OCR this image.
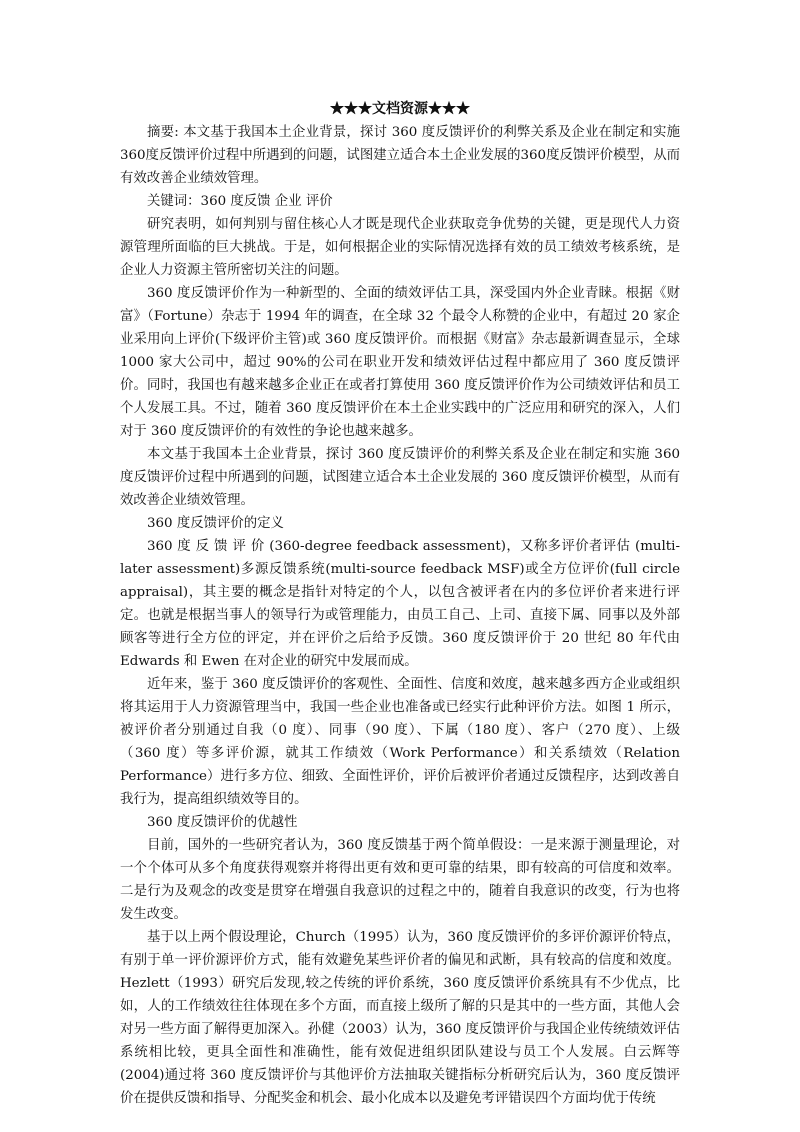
★★★文档资源★★★

摘要: 本文基于我国本土企业背景，探讨 360 度反馈评价的利弊关系及企业在制定和实施360度反馈评价过程中所遇到的问题，试图建立适合本土企业发展的360度反馈评价模型，从而有效改善企业绩效管理。

关键词：360 度反馈 企业 评价

研究表明，如何判别与留住核心人才既是现代企业获取竞争优势的关键，更是现代人力资源管理所面临的巨大挑战。于是，如何根据企业的实际情况选择有效的员工绩效考核系统，是企业人力资源主管所密切关注的问题。

360 度反馈评价作为一种新型的、全面的绩效评估工具，深受国内外企业青睐。根据《财富》（Fortune）杂志于 1994 年的调查，在全球 32 个最令人称赞的企业中，有超过 20 家企业采用向上评价(下级评价主管)或 360 度反馈评价。而根据《财富》杂志最新调查显示，全球 1000 家大公司中，超过 90%的公司在职业开发和绩效评估过程中都应用了 360 度反馈评价。同时，我国也有越来越多企业正在或者打算使用 360 度反馈评价作为公司绩效评估和员工个人发展工具。不过，随着 360 度反馈评价在本土企业实践中的广泛应用和研究的深入，人们对于 360 度反馈评价的有效性的争论也越来越多。

本文基于我国本土企业背景，探讨 360 度反馈评价的利弊关系及企业在制定和实施 360 度反馈评价过程中所遇到的问题，试图建立适合本土企业发展的 360 度反馈评价模型，从而有效改善企业绩效管理。

360 度反馈评价的定义

360 度 反 馈 评 价 (360-degree feedback assessment)，又称多评价者评估 (multi-later assessment)多源反馈系统(multi-source feedback MSF)或全方位评价(full circle appraisal)，其主要的概念是指针对特定的个人，以包含被评者在内的多位评价者来进行评定。也就是根据当事人的领导行为或管理能力，由员工自己、上司、直接下属、同事以及外部顾客等进行全方位的评定，并在评价之后给予反馈。360 度反馈评价于 20 世纪 80 年代由 Edwards 和 Ewen 在对企业的研究中发展而成。

近年来，鉴于 360 度反馈评价的客观性、全面性、信度和效度，越来越多西方企业或组织将其运用于人力资源管理当中，我国一些企业也准备或已经实行此种评价方法。如图 1 所示，被评价者分别通过自我（0 度）、同事（90 度）、下属（180 度）、客户（270 度）、上级（360 度）等多评价源，就其工作绩效（Work Performance）和关系绩效（Relation Performance）进行多方位、细致、全面性评价，评价后被评价者通过反馈程序，达到改善自我行为，提高组织绩效等目的。

360 度反馈评价的优越性

目前，国外的一些研究者认为，360 度反馈基于两个简单假设：一是来源于测量理论，对一个个体可从多个角度获得观察并将得出更有效和更可靠的结果，即有较高的可信度和效率。二是行为及观念的改变是贯穿在增强自我意识的过程之中的，随着自我意识的改变，行为也将发生改变。

基于以上两个假设理论，Church（1995）认为，360 度反馈评价的多评价源评价特点，有别于单一评价源评价方式，能有效避免某些评价者的偏见和武断，具有较高的信度和效度。Hezlett（1993）研究后发现,较之传统的评价系统，360 度反馈评价系统具有不少优点，比如，人的工作绩效往往体现在多个方面，而直接上级所了解的只是其中的一些方面，其他人会对另一些方面了解得更加深入。孙健（2003）认为，360 度反馈评价与我国企业传统绩效评估系统相比较，更具全面性和准确性，能有效促进组织团队建设与员工个人发展。白云辉等(2004)通过将 360 度反馈评价与其他评价方法抽取关键指标分析研究后认为，360 度反馈评价在提供反馈和指导、分配奖金和机会、最小化成本以及避免考评错误四个方面均优于传统
